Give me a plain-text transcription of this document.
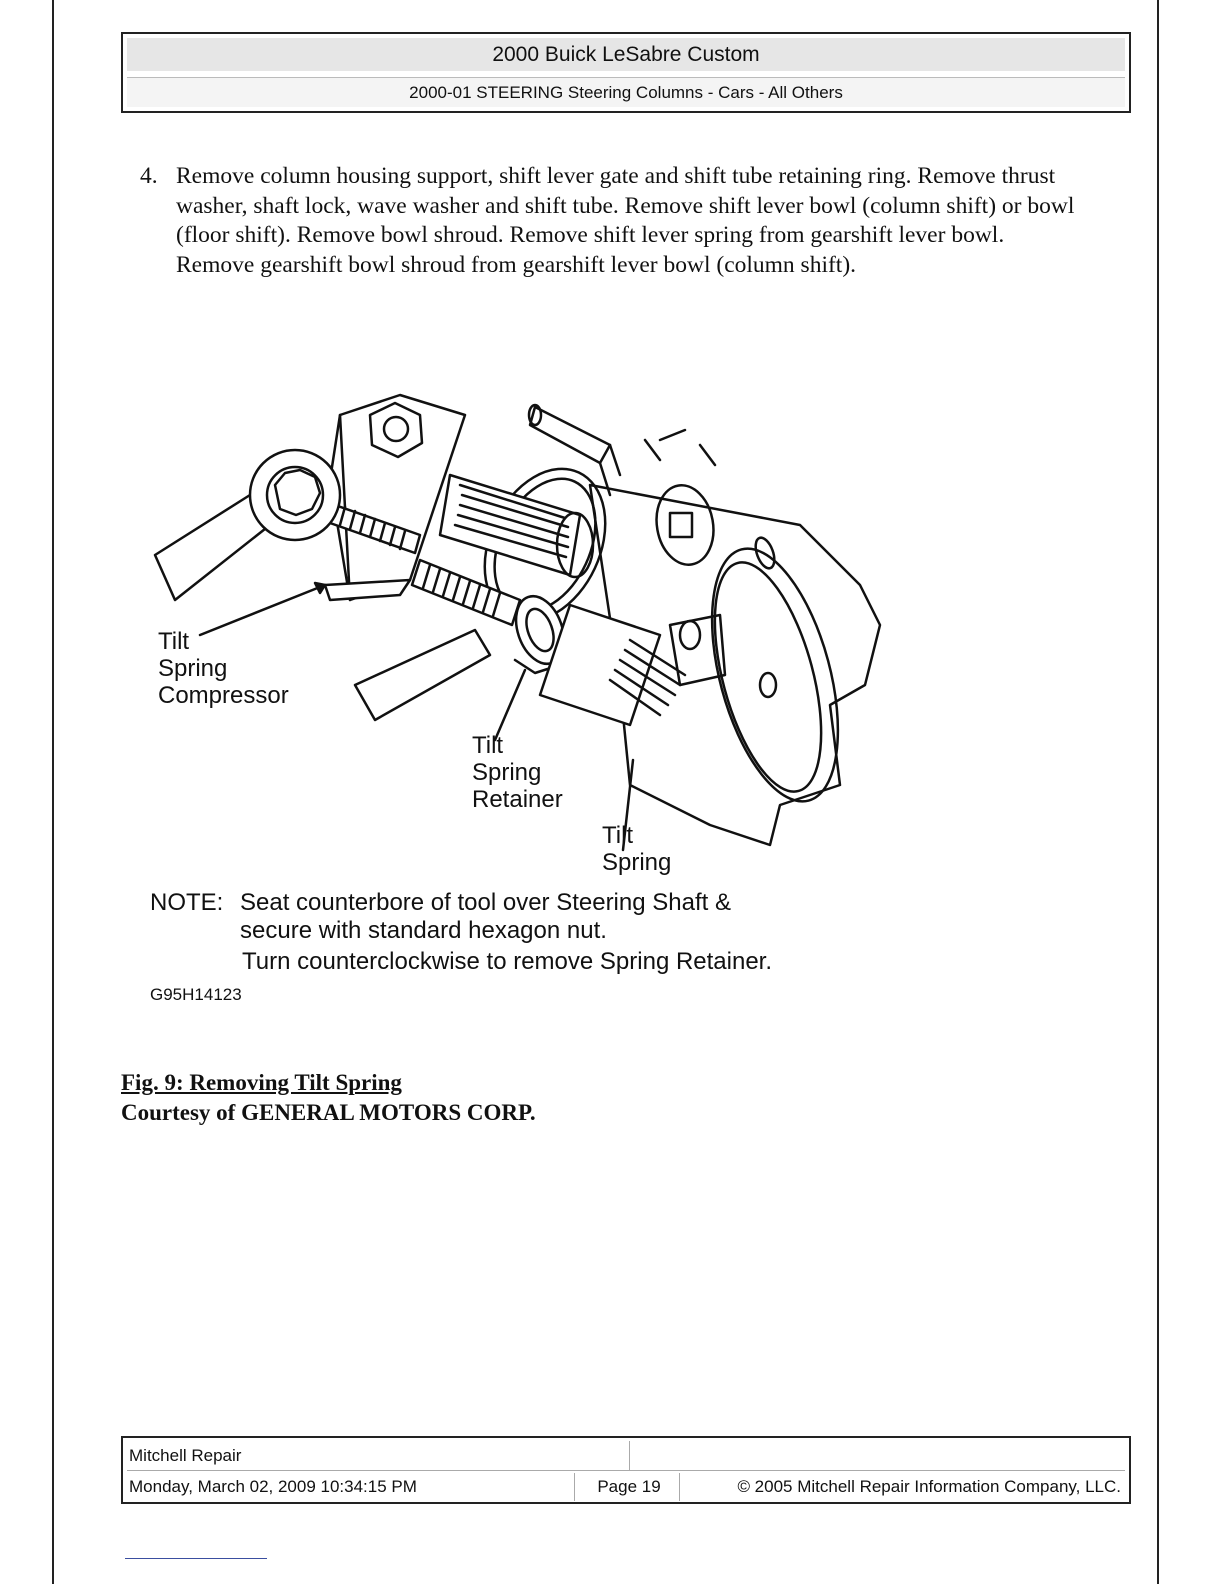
2000 Buick LeSabre Custom
2000-01 STEERING Steering Columns - Cars - All Others
4. Remove column housing support, shift lever gate and shift tube retaining ring. Remove thrust washer, shaft lock, wave washer and shift tube. Remove shift lever bowl (column shift) or bowl (floor shift). Remove bowl shroud. Remove shift lever spring from gearshift lever bowl. Remove gearshift bowl shroud from gearshift lever bowl (column shift).
Tilt
Spring
Compressor
Tilt
Spring
Retainer
Tilt
Spring
NOTE: Seat counterbore of tool over Steering Shaft &
secure with standard hexagon nut.
Turn counterclockwise to remove Spring Retainer.
G95H14123
Fig. 9: Removing Tilt Spring
Courtesy of GENERAL MOTORS CORP.
Mitchell Repair
Monday, March 02, 2009 10:34:15 PM	Page 19	© 2005 Mitchell Repair Information Company, LLC.
